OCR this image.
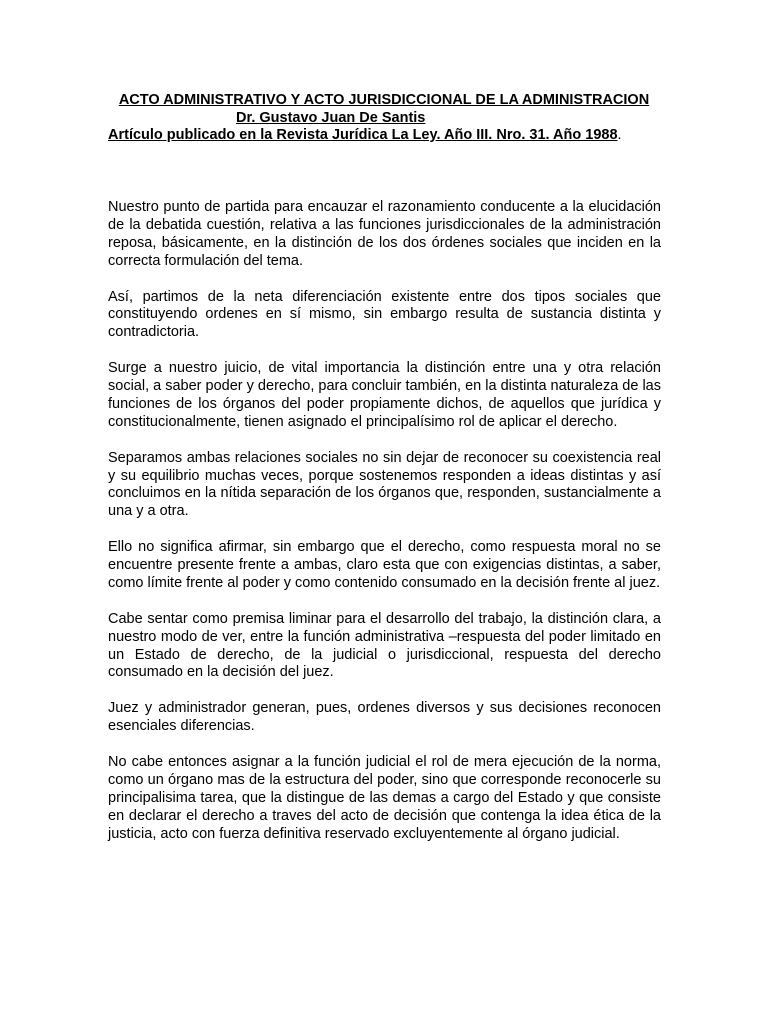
ACTO ADMINISTRATIVO Y ACTO JURISDICCIONAL DE LA ADMINISTRACION
Dr. Gustavo Juan De Santis
Artículo publicado en la Revista Jurídica La Ley. Año III. Nro. 31. Año 1988.

Nuestro punto de partida para encauzar el razonamiento conducente a la elucidación de la debatida cuestión, relativa a las funciones jurisdiccionales de la administración reposa, básicamente, en la distinción de los dos órdenes sociales que inciden en la correcta formulación del tema.

Así, partimos de la neta diferenciación existente entre dos tipos sociales que constituyendo ordenes en sí mismo, sin embargo resulta de sustancia distinta y contradictoria.

Surge a nuestro juicio, de vital importancia la distinción entre una y otra relación social, a saber poder y derecho, para concluir también, en la distinta naturaleza de las funciones de los órganos del poder propiamente dichos, de aquellos que jurídica y constitucionalmente, tienen asignado el principalísimo rol de aplicar el derecho.

Separamos ambas relaciones sociales no sin dejar de reconocer su coexistencia real y su equilibrio muchas veces, porque sostenemos responden a ideas distintas y así concluimos en la nítida separación de los órganos que, responden, sustancialmente a una y a otra.

Ello no significa afirmar, sin embargo que el derecho, como respuesta moral no se encuentre presente frente a ambas, claro esta que con exigencias distintas, a saber, como límite frente al poder y como contenido consumado en la decisión frente al juez.

Cabe sentar como premisa liminar para el desarrollo del trabajo, la distinción clara, a nuestro modo de ver, entre la función administrativa –respuesta del poder limitado en un Estado de derecho, de la judicial o jurisdiccional, respuesta del derecho consumado en la decisión del juez.

Juez y administrador generan, pues, ordenes diversos y sus decisiones reconocen esenciales diferencias.

No cabe entonces asignar a la función judicial el rol de mera ejecución de la norma, como un órgano mas de la estructura del poder, sino que corresponde reconocerle su principalisima tarea, que la distingue de las demas a cargo del Estado y que consiste en declarar el derecho a traves del acto de decisión que contenga la idea ética de la justicia, acto con fuerza definitiva reservado excluyentemente al órgano judicial.
